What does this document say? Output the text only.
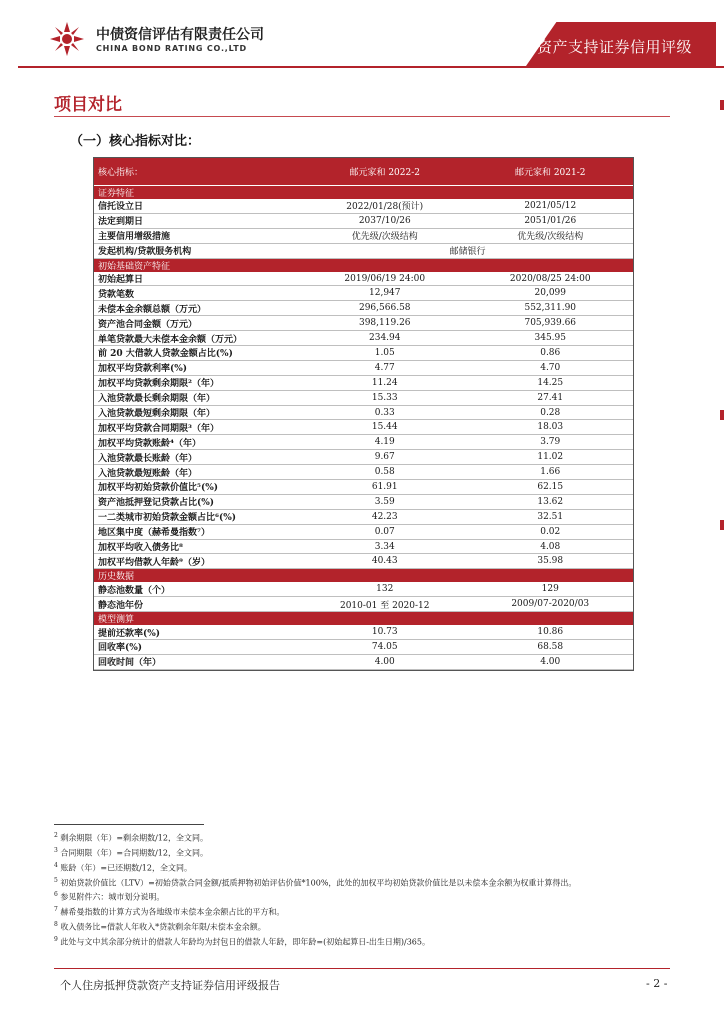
中债资信评估有限责任公司
CHINA BOND RATING CO.,LTD	资产支持证券信用评级
项目对比
（一）核心指标对比：
核心指标：	邮元家和 2022-2	邮元家和 2021-2
证券特征		
信托设立日	2022/01/28(预计)	2021/05/12
法定到期日	2037/10/26	2051/01/26
主要信用增级措施	优先级/次级结构	优先级/次级结构
发起机构/贷款服务机构	邮储银行	
初始基础资产特征		
初始起算日	2019/06/19 24:00	2020/08/25 24:00
贷款笔数	12,947	20,099
未偿本金余额总额（万元）	296,566.58	552,311.90
资产池合同金额（万元）	398,119.26	705,939.66
单笔贷款最大未偿本金余额（万元）	234.94	345.95
前 20 大借款人贷款金额占比(%)	1.05	0.86
加权平均贷款利率(%)	4.77	4.70
加权平均贷款剩余期限²（年）	11.24	14.25
入池贷款最长剩余期限（年）	15.33	27.41
入池贷款最短剩余期限（年）	0.33	0.28
加权平均贷款合同期限³（年）	15.44	18.03
加权平均贷款账龄⁴（年）	4.19	3.79
入池贷款最长账龄（年）	9.67	11.02
入池贷款最短账龄（年）	0.58	1.66
加权平均初始贷款价值比⁵(%)	61.91	62.15
资产池抵押登记贷款占比(%)	3.59	13.62
一二类城市初始贷款金额占比⁶(%)	42.23	32.51
地区集中度（赫希曼指数⁷）	0.07	0.02
加权平均收入债务比⁸	3.34	4.08
加权平均借款人年龄⁹（岁）	40.43	35.98
历史数据		
静态池数量（个）	132	129
静态池年份	2010-01 至 2020-12	2009/07-2020/03
模型测算		
提前还款率(%)	10.73	10.86
回收率(%)	74.05	68.58
回收时间（年）	4.00	4.00

$^2$ 剩余期限（年）=剩余期数/12，全文同。

$^3$ 合同期限（年）=合同期数/12，全文同。

$^4$ 账龄（年）=已还期数/12，全文同。

$^5$ 初始贷款价值比（LTV）=初始贷款合同金额/抵质押物初始评估价值*100%，此处的加权平均初始贷款价值比是以未偿本金余额为权重计算得出。

$^6$ 参见附件六：城市划分说明。

$^7$ 赫希曼指数的计算方式为各地级市未偿本金余额占比的平方和。

$^8$ 收入债务比=借款人年收入*贷款剩余年限/未偿本金余额。

$^9$ 此处与文中其余部分统计的借款人年龄均为封包日的借款人年龄，即年龄=(初始起算日-出生日期)/365。

个人住房抵押贷款资产支持证券信用评级报告	- 2 -
